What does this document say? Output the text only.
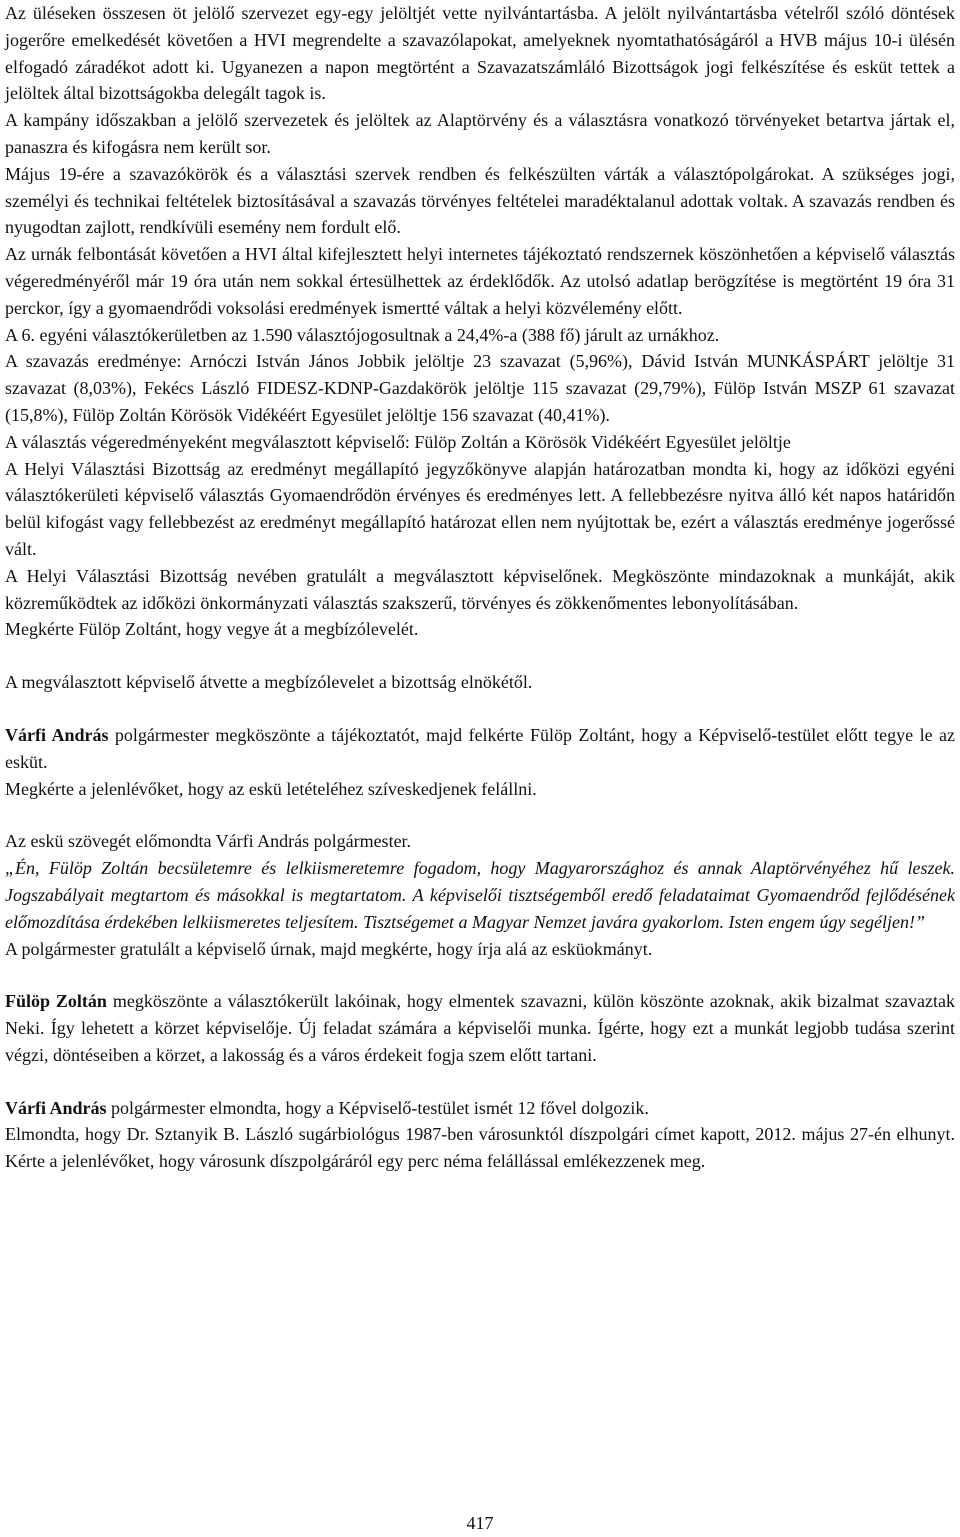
Az üléseken összesen öt jelölő szervezet egy-egy jelöltjét vette nyilvántartásba. A jelölt nyilvántartásba vételről szóló döntések jogerőre emelkedését követően a HVI megrendelte a szavazólapokat, amelyeknek nyomtathatóságáról a HVB május 10-i ülésén elfogadó záradékot adott ki. Ugyanezen a napon megtörtént a Szavazatszámláló Bizottságok jogi felkészítése és esküt tettek a jelöltek által bizottságokba delegált tagok is.

A kampány időszakban a jelölő szervezetek és jelöltek az Alaptörvény és a választásra vonatkozó törvényeket betartva jártak el, panaszra és kifogásra nem került sor.

Május 19-ére a szavazókörök és a választási szervek rendben és felkészülten várták a választópolgárokat. A szükséges jogi, személyi és technikai feltételek biztosításával a szavazás törvényes feltételei maradéktalanul adottak voltak. A szavazás rendben és nyugodtan zajlott, rendkívüli esemény nem fordult elő.

Az urnák felbontását követően a HVI által kifejlesztett helyi internetes tájékoztató rendszernek köszönhetően a képviselő választás végeredményéről már 19 óra után nem sokkal értesülhettek az érdeklődők. Az utolsó adatlap berögzítése is megtörtént 19 óra 31 perckor, így a gyomaendrődi voksolási eredmények ismertté váltak a helyi közvélemény előtt.

A 6. egyéni választókerületben az 1.590 választójogosultnak a 24,4%-a (388 fő) járult az urnákhoz.

A szavazás eredménye: Arnóczi István János Jobbik jelöltje 23 szavazat (5,96%), Dávid István MUNKÁSPÁRT jelöltje 31 szavazat (8,03%), Fekécs László FIDESZ-KDNP-Gazdakörök jelöltje 115 szavazat (29,79%), Fülöp István MSZP 61 szavazat (15,8%), Fülöp Zoltán Körösök Vidékéért Egyesület jelöltje 156 szavazat (40,41%).

A választás végeredményeként megválasztott képviselő: Fülöp Zoltán a Körösök Vidékéért Egyesület jelöltje

A Helyi Választási Bizottság az eredményt megállapító jegyzőkönyve alapján határozatban mondta ki, hogy az időközi egyéni választókerületi képviselő választás Gyomaendrődön érvényes és eredményes lett. A fellebbezésre nyitva álló két napos határidőn belül kifogást vagy fellebbezést az eredményt megállapító határozat ellen nem nyújtottak be, ezért a választás eredménye jogerőssé vált.

A Helyi Választási Bizottság nevében gratulált a megválasztott képviselőnek. Megköszönte mindazoknak a munkáját, akik közreműködtek az időközi önkormányzati választás szakszerű, törvényes és zökkenőmentes lebonyolításában.

Megkérte Fülöp Zoltánt, hogy vegye át a megbízólevelét.

A megválasztott képviselő átvette a megbízólevelet a bizottság elnökétől.

Várfi András polgármester megköszönte a tájékoztatót, majd felkérte Fülöp Zoltánt, hogy a Képviselő-testület előtt tegye le az esküt.

Megkérte a jelenlévőket, hogy az eskü letételéhez szíveskedjenek felállni.

Az eskü szövegét előmondta Várfi András polgármester.

„Én, Fülöp Zoltán becsületemre és lelkiismeretemre fogadom, hogy Magyarországhoz és annak Alaptörvényéhez hű leszek. Jogszabályait megtartom és másokkal is megtartatom. A képviselői tisztségemből eredő feladataimat Gyomaendrőd fejlődésének előmozdítása érdekében lelkiismeretes teljesítem. Tisztségemet a Magyar Nemzet javára gyakorlom. Isten engem úgy segéljen!”

A polgármester gratulált a képviselő úrnak, majd megkérte, hogy írja alá az esküokmányt.

Fülöp Zoltán megköszönte a választókerült lakóinak, hogy elmentek szavazni, külön köszönte azoknak, akik bizalmat szavaztak Neki. Így lehetett a körzet képviselője. Új feladat számára a képviselői munka. Ígérte, hogy ezt a munkát legjobb tudása szerint végzi, döntéseiben a körzet, a lakosság és a város érdekeit fogja szem előtt tartani.

Várfi András polgármester elmondta, hogy a Képviselő-testület ismét 12 fővel dolgozik.

Elmondta, hogy Dr. Sztanyik B. László sugárbiológus 1987-ben városunktól díszpolgári címet kapott, 2012. május 27-én elhunyt. Kérte a jelenlévőket, hogy városunk díszpolgáráról egy perc néma felállással emlékezzenek meg.

417
